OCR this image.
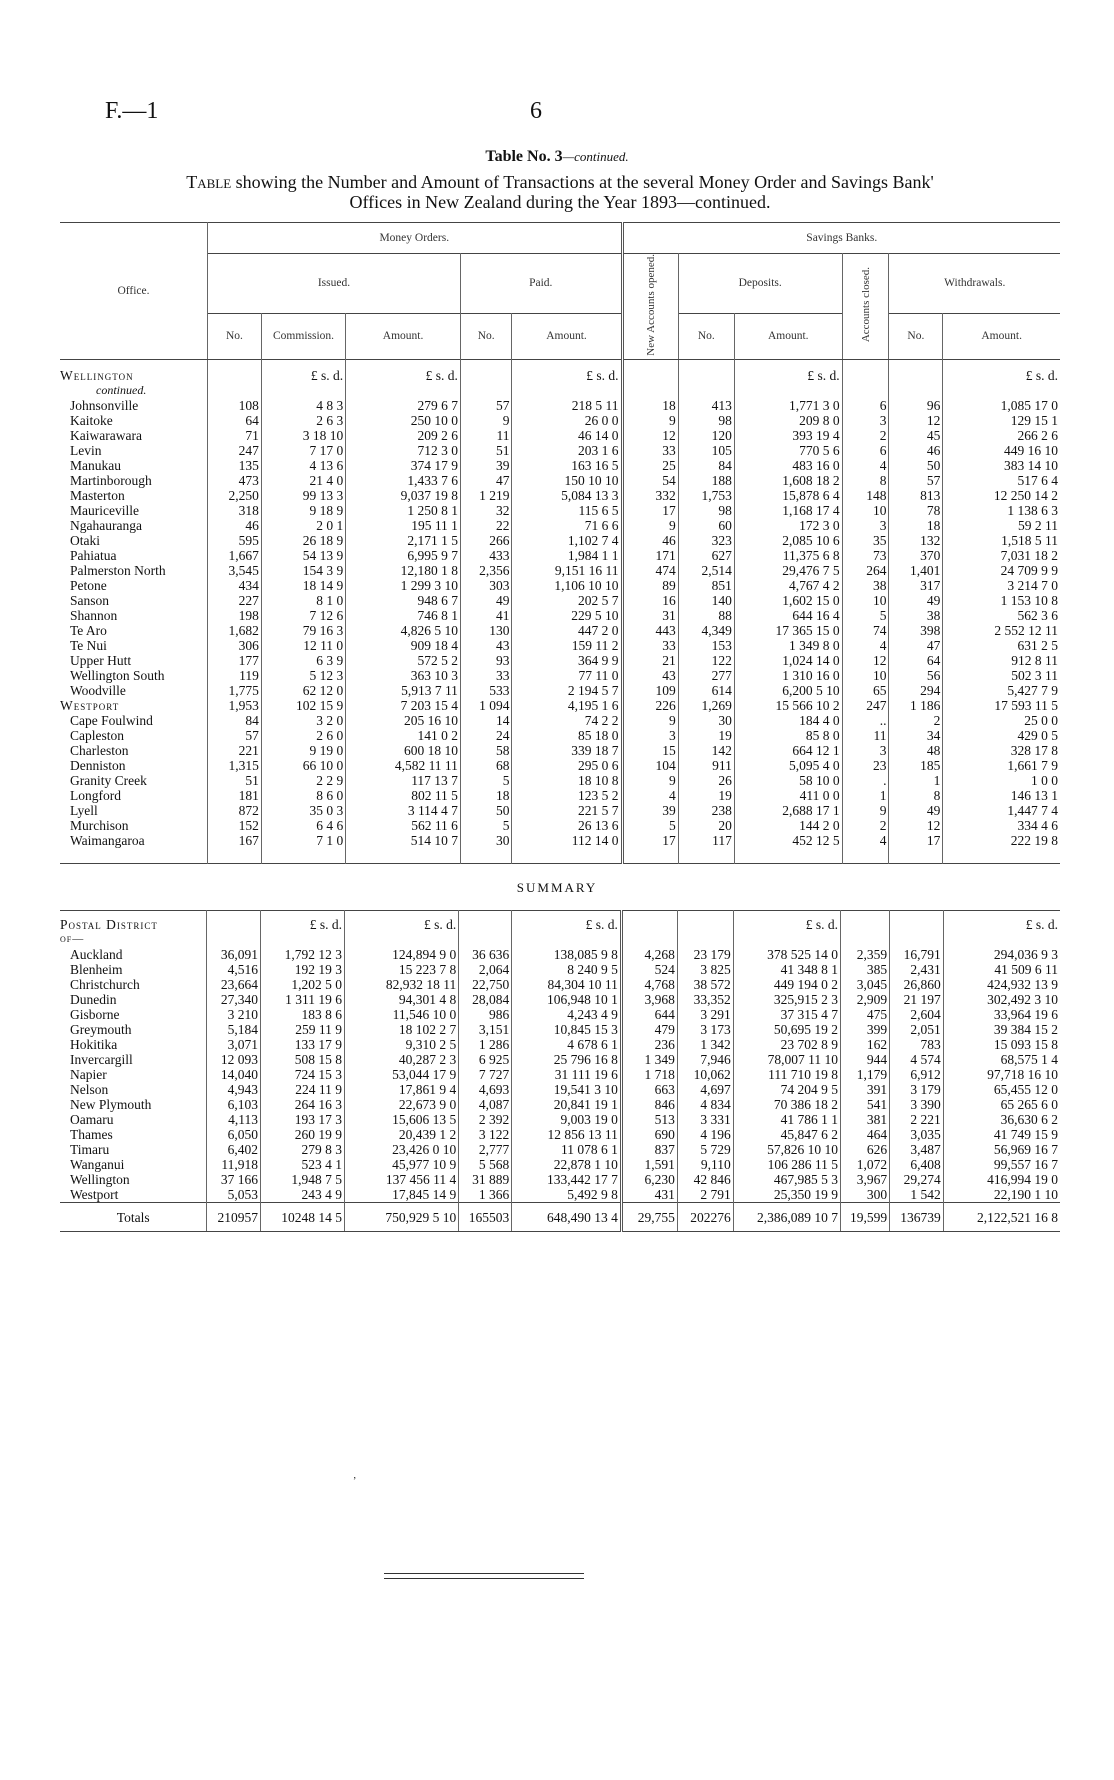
F.—1	6
Table No. 3—continued.
Table showing the Number and Amount of Transactions at the several Money Order and Savings Bank'
Offices in New Zealand during the Year 1893—continued.
Office.	Money Orders.					Savings Banks.					
	Issued.			Paid.		New Accounts opened.	Deposits.		Accounts closed.	Withdrawals.	
	No.	Commission.	Amount.	No.	Amount.		No.	Amount.		No.	Amount.
Wellington		£ s. d.	£ s. d.		£ s. d.			£ s. d.			£ s. d.
continued.											
Johnsonville	108	4 8 3	279 6 7	57	218 5 11	18	413	1,771 3 0	6	96	1,085 17 0
Kaitoke	64	2 6 3	250 10 0	9	26 0 0	9	98	209 8 0	3	12	129 15 1
Kaiwarawara	71	3 18 10	209 2 6	11	46 14 0	12	120	393 19 4	2	45	266 2 6
Levin	247	7 17 0	712 3 0	51	203 1 6	33	105	770 5 6	6	46	449 16 10
Manukau	135	4 13 6	374 17 9	39	163 16 5	25	84	483 16 0	4	50	383 14 10
Martinborough	473	21 4 0	1,433 7 6	47	150 10 10	54	188	1,608 18 2	8	57	517 6 4
Masterton	2,250	99 13 3	9,037 19 8	1 219	5,084 13 3	332	1,753	15,878 6 4	148	813	12 250 14 2
Mauriceville	318	9 18 9	1 250 8 1	32	115 6 5	17	98	1,168 17 4	10	78	1 138 6 3
Ngahauranga	46	2 0 1	195 11 1	22	71 6 6	9	60	172 3 0	3	18	59 2 11
Otaki	595	26 18 9	2,171 1 5	266	1,102 7 4	46	323	2,085 10 6	35	132	1,518 5 11
Pahiatua	1,667	54 13 9	6,995 9 7	433	1,984 1 1	171	627	11,375 6 8	73	370	7,031 18 2
Palmerston North	3,545	154 3 9	12,180 1 8	2,356	9,151 16 11	474	2,514	29,476 7 5	264	1,401	24 709 9 9
Petone	434	18 14 9	1 299 3 10	303	1,106 10 10	89	851	4,767 4 2	38	317	3 214 7 0
Sanson	227	8 1 0	948 6 7	49	202 5 7	16	140	1,602 15 0	10	49	1 153 10 8
Shannon	198	7 12 6	746 8 1	41	229 5 10	31	88	644 16 4	5	38	562 3 6
Te Aro	1,682	79 16 3	4,826 5 10	130	447 2 0	443	4,349	17 365 15 0	74	398	2 552 12 11
Te Nui	306	12 11 0	909 18 4	43	159 11 2	33	153	1 349 8 0	4	47	631 2 5
Upper Hutt	177	6 3 9	572 5 2	93	364 9 9	21	122	1,024 14 0	12	64	912 8 11
Wellington South	119	5 12 3	363 10 3	33	77 11 0	43	277	1 310 16 0	10	56	502 3 11
Woodville	1,775	62 12 0	5,913 7 11	533	2 194 5 7	109	614	6,200 5 10	65	294	5,427 7 9
Westport	1,953	102 15 9	7 203 15 4	1 094	4,195 1 6	226	1,269	15 566 10 2	247	1 186	17 593 11 5
Cape Foulwind	84	3 2 0	205 16 10	14	74 2 2	9	30	184 4 0	..	2	25 0 0
Capleston	57	2 6 0	141 0 2	24	85 18 0	3	19	85 8 0	11	34	429 0 5
Charleston	221	9 19 0	600 18 10	58	339 18 7	15	142	664 12 1	3	48	328 17 8
Denniston	1,315	66 10 0	4,582 11 11	68	295 0 6	104	911	5,095 4 0	23	185	1,661 7 9
Granity Creek	51	2 2 9	117 13 7	5	18 10 8	9	26	58 10 0	.	1	1 0 0
Longford	181	8 6 0	802 11 5	18	123 5 2	4	19	411 0 0	1	8	146 13 1
Lyell	872	35 0 3	3 114 4 7	50	221 5 7	39	238	2,688 17 1	9	49	1,447 7 4
Murchison	152	6 4 6	562 11 6	5	26 13 6	5	20	144 2 0	2	12	334 4 6
Waimangaroa	167	7 1 0	514 10 7	30	112 14 0	17	117	452 12 5	4	17	222 19 8

SUMMARY
Postal District		£ s. d.	£ s. d.		£ s. d.			£ s. d.			£ s. d.
of—											
Auckland	36,091	1,792 12 3	124,894 9 0	36 636	138,085 9 8	4,268	23 179	378 525 14 0	2,359	16,791	294,036 9 3
Blenheim	4,516	192 19 3	15 223 7 8	2,064	8 240 9 5	524	3 825	41 348 8 1	385	2,431	41 509 6 11
Christchurch	23,664	1,202 5 0	82,932 18 11	22,750	84,304 10 11	4,768	38 572	449 194 0 2	3,045	26,860	424,932 13 9
Dunedin	27,340	1 311 19 6	94,301 4 8	28,084	106,948 10 1	3,968	33,352	325,915 2 3	2,909	21 197	302,492 3 10
Gisborne	3 210	183 8 6	11,546 10 0	986	4,243 4 9	644	3 291	37 315 4 7	475	2,604	33,964 19 6
Greymouth	5,184	259 11 9	18 102 2 7	3,151	10,845 15 3	479	3 173	50,695 19 2	399	2,051	39 384 15 2
Hokitika	3,071	133 17 9	9,310 2 5	1 286	4 678 6 1	236	1 342	23 702 8 9	162	783	15 093 15 8
Invercargill	12 093	508 15 8	40,287 2 3	6 925	25 796 16 8	1 349	7,946	78,007 11 10	944	4 574	68,575 1 4
Napier	14,040	724 15 3	53,044 17 9	7 727	31 111 19 6	1 718	10,062	111 710 19 8	1,179	6,912	97,718 16 10
Nelson	4,943	224 11 9	17,861 9 4	4,693	19,541 3 10	663	4,697	74 204 9 5	391	3 179	65,455 12 0
New Plymouth	6,103	264 16 3	22,673 9 0	4,087	20,841 19 1	846	4 834	70 386 18 2	541	3 390	65 265 6 0
Oamaru	4,113	193 17 3	15,606 13 5	2 392	9,003 19 0	513	3 331	41 786 1 1	381	2 221	36,630 6 2
Thames	6,050	260 19 9	20,439 1 2	3 122	12 856 13 11	690	4 196	45,847 6 2	464	3,035	41 749 15 9
Timaru	6,402	279 8 3	23,426 0 10	2,777	11 078 6 1	837	5 729	57,826 10 10	626	3,487	56,969 16 7
Wanganui	11,918	523 4 1	45,977 10 9	5 568	22,878 1 10	1,591	9,110	106 286 11 5	1,072	6,408	99,557 16 7
Wellington	37 166	1,948 7 5	137 456 11 4	31 889	133,442 17 7	6,230	42 846	467,985 5 3	3,967	29,274	416,994 19 0
Westport	5,053	243 4 9	17,845 14 9	1 366	5,492 9 8	431	2 791	25,350 19 9	300	1 542	22,190 1 10
Totals	210957	10248 14 5	750,929 5 10	165503	648,490 13 4	29,755	202276	2,386,089 10 7	19,599	136739	2,122,521 16 8
ʼ
